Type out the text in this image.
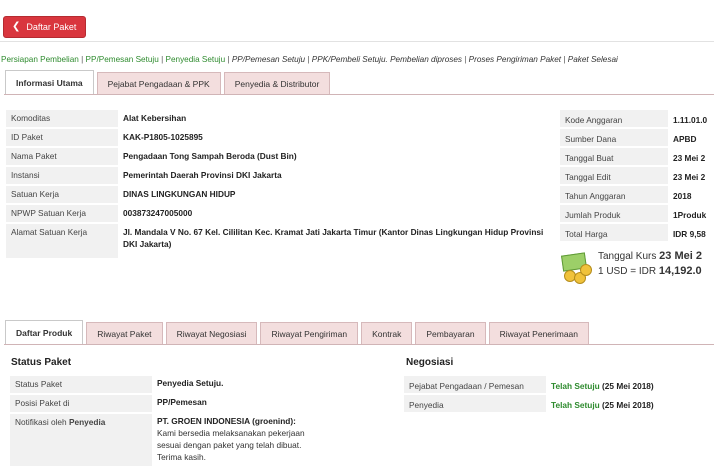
❮ Daftar Paket
Persiapan Pembelian | PP/Pemesan Setuju | Penyedia Setuju | PP/Pemesan Setuju | PPK/Pembeli Setuju. Pembelian diproses | Proses Pengiriman Paket | Paket Selesai
Informasi Utama	Pejabat Pengadaan & PPK	Penyedia & Distributor
Komoditas	Alat Kebersihan
ID Paket	KAK-P1805-1025895
Nama Paket	Pengadaan Tong Sampah Beroda (Dust Bin)
Instansi	Pemerintah Daerah Provinsi DKI Jakarta
Satuan Kerja	DINAS LINGKUNGAN HIDUP
NPWP Satuan Kerja	003873247005000
Alamat Satuan Kerja	Jl. Mandala V No. 67 Kel. Cililitan Kec. Kramat Jati Jakarta Timur (Kantor Dinas Lingkungan Hidup Provinsi DKI Jakarta)
Kode Anggaran	1.11.01.0
Sumber Dana	APBD
Tanggal Buat	23 Mei 2
Tanggal Edit	23 Mei 2
Tahun Anggaran	2018
Jumlah Produk	1Produk
Total Harga	IDR 9,58
Tanggal Kurs 23 Mei 2
1 USD = IDR 14,192.0
Daftar Produk	Riwayat Paket	Riwayat Negosiasi	Riwayat Pengiriman	Kontrak	Pembayaran	Riwayat Penerimaan
Status Paket
Status Paket	Penyedia Setuju.
Posisi Paket di	PP/Pemesan
Notifikasi oleh Penyedia	PT. GROEN INDONESIA (groenind):
Kami bersedia melaksanakan pekerjaan
sesuai dengan paket yang telah dibuat.
Terima kasih.
Negosiasi
Pejabat Pengadaan / Pemesan	Telah Setuju (25 Mei 2018)
Penyedia	Telah Setuju (25 Mei 2018)
